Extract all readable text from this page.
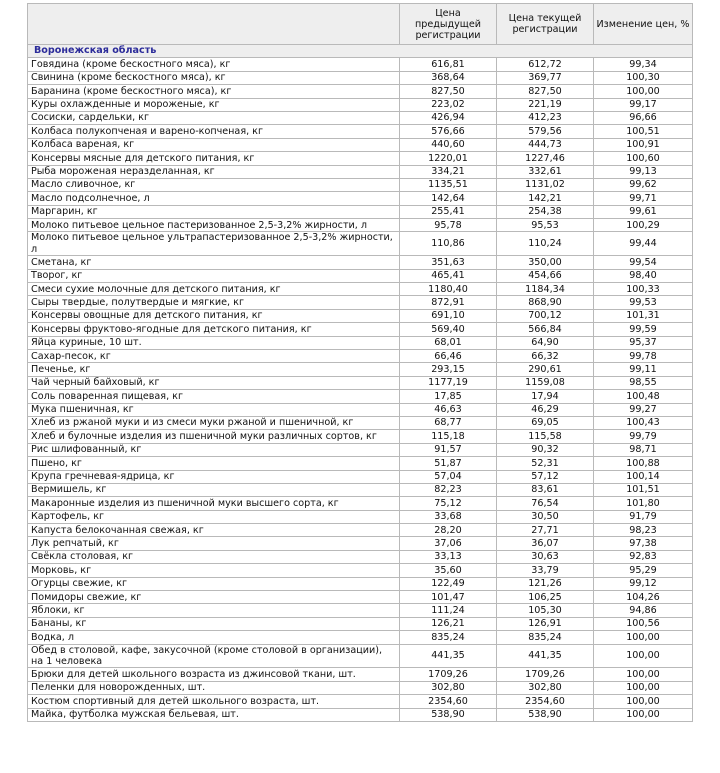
	Цена предыдущей регистрации	Цена текущей регистрации	Изменение цен, %
Воронежская область			
Говядина (кроме бескостного мяса), кг	616,81	612,72	99,34
Свинина (кроме бескостного мяса), кг	368,64	369,77	100,30
Баранина (кроме бескостного мяса), кг	827,50	827,50	100,00
Куры охлажденные и мороженые, кг	223,02	221,19	99,17
Сосиски, сардельки, кг	426,94	412,23	96,66
Колбаса полукопченая и варено-копченая, кг	576,66	579,56	100,51
Колбаса вареная, кг	440,60	444,73	100,91
Консервы мясные для детского питания, кг	1220,01	1227,46	100,60
Рыба мороженая неразделанная, кг	334,21	332,61	99,13
Масло сливочное, кг	1135,51	1131,02	99,62
Масло подсолнечное, л	142,64	142,21	99,71
Маргарин, кг	255,41	254,38	99,61
Молоко питьевое цельное пастеризованное 2,5-3,2% жирности, л	95,78	95,53	100,29
Молоко питьевое цельное ультрапастеризованное 2,5-3,2% жирности, л	110,86	110,24	99,44
Сметана, кг	351,63	350,00	99,54
Творог, кг	465,41	454,66	98,40
Смеси сухие молочные для детского питания, кг	1180,40	1184,34	100,33
Сыры твердые, полутвердые и мягкие, кг	872,91	868,90	99,53
Консервы овощные для детского питания, кг	691,10	700,12	101,31
Консервы фруктово-ягодные для детского питания, кг	569,40	566,84	99,59
Яйца куриные, 10 шт.	68,01	64,90	95,37
Сахар-песок, кг	66,46	66,32	99,78
Печенье, кг	293,15	290,61	99,11
Чай черный байховый, кг	1177,19	1159,08	98,55
Соль поваренная пищевая, кг	17,85	17,94	100,48
Мука пшеничная, кг	46,63	46,29	99,27
Хлеб из ржаной муки и из смеси муки ржаной и пшеничной, кг	68,77	69,05	100,43
Хлеб и булочные изделия из пшеничной муки различных сортов, кг	115,18	115,58	99,79
Рис шлифованный, кг	91,57	90,32	98,71
Пшено, кг	51,87	52,31	100,88
Крупа гречневая-ядрица, кг	57,04	57,12	100,14
Вермишель, кг	82,23	83,61	101,51
Макаронные изделия из пшеничной муки высшего сорта, кг	75,12	76,54	101,80
Картофель, кг	33,68	30,50	91,79
Капуста белокочанная свежая, кг	28,20	27,71	98,23
Лук репчатый, кг	37,06	36,07	97,38
Свёкла столовая, кг	33,13	30,63	92,83
Морковь, кг	35,60	33,79	95,29
Огурцы свежие, кг	122,49	121,26	99,12
Помидоры свежие, кг	101,47	106,25	104,26
Яблоки, кг	111,24	105,30	94,86
Бананы, кг	126,21	126,91	100,56
Водка, л	835,24	835,24	100,00
Обед в столовой, кафе, закусочной (кроме столовой в организации), на 1 человека	441,35	441,35	100,00
Брюки для детей школьного возраста из джинсовой ткани, шт.	1709,26	1709,26	100,00
Пеленки для новорожденных, шт.	302,80	302,80	100,00
Костюм спортивный для детей школьного возраста, шт.	2354,60	2354,60	100,00
Майка, футболка мужская бельевая, шт.	538,90	538,90	100,00
